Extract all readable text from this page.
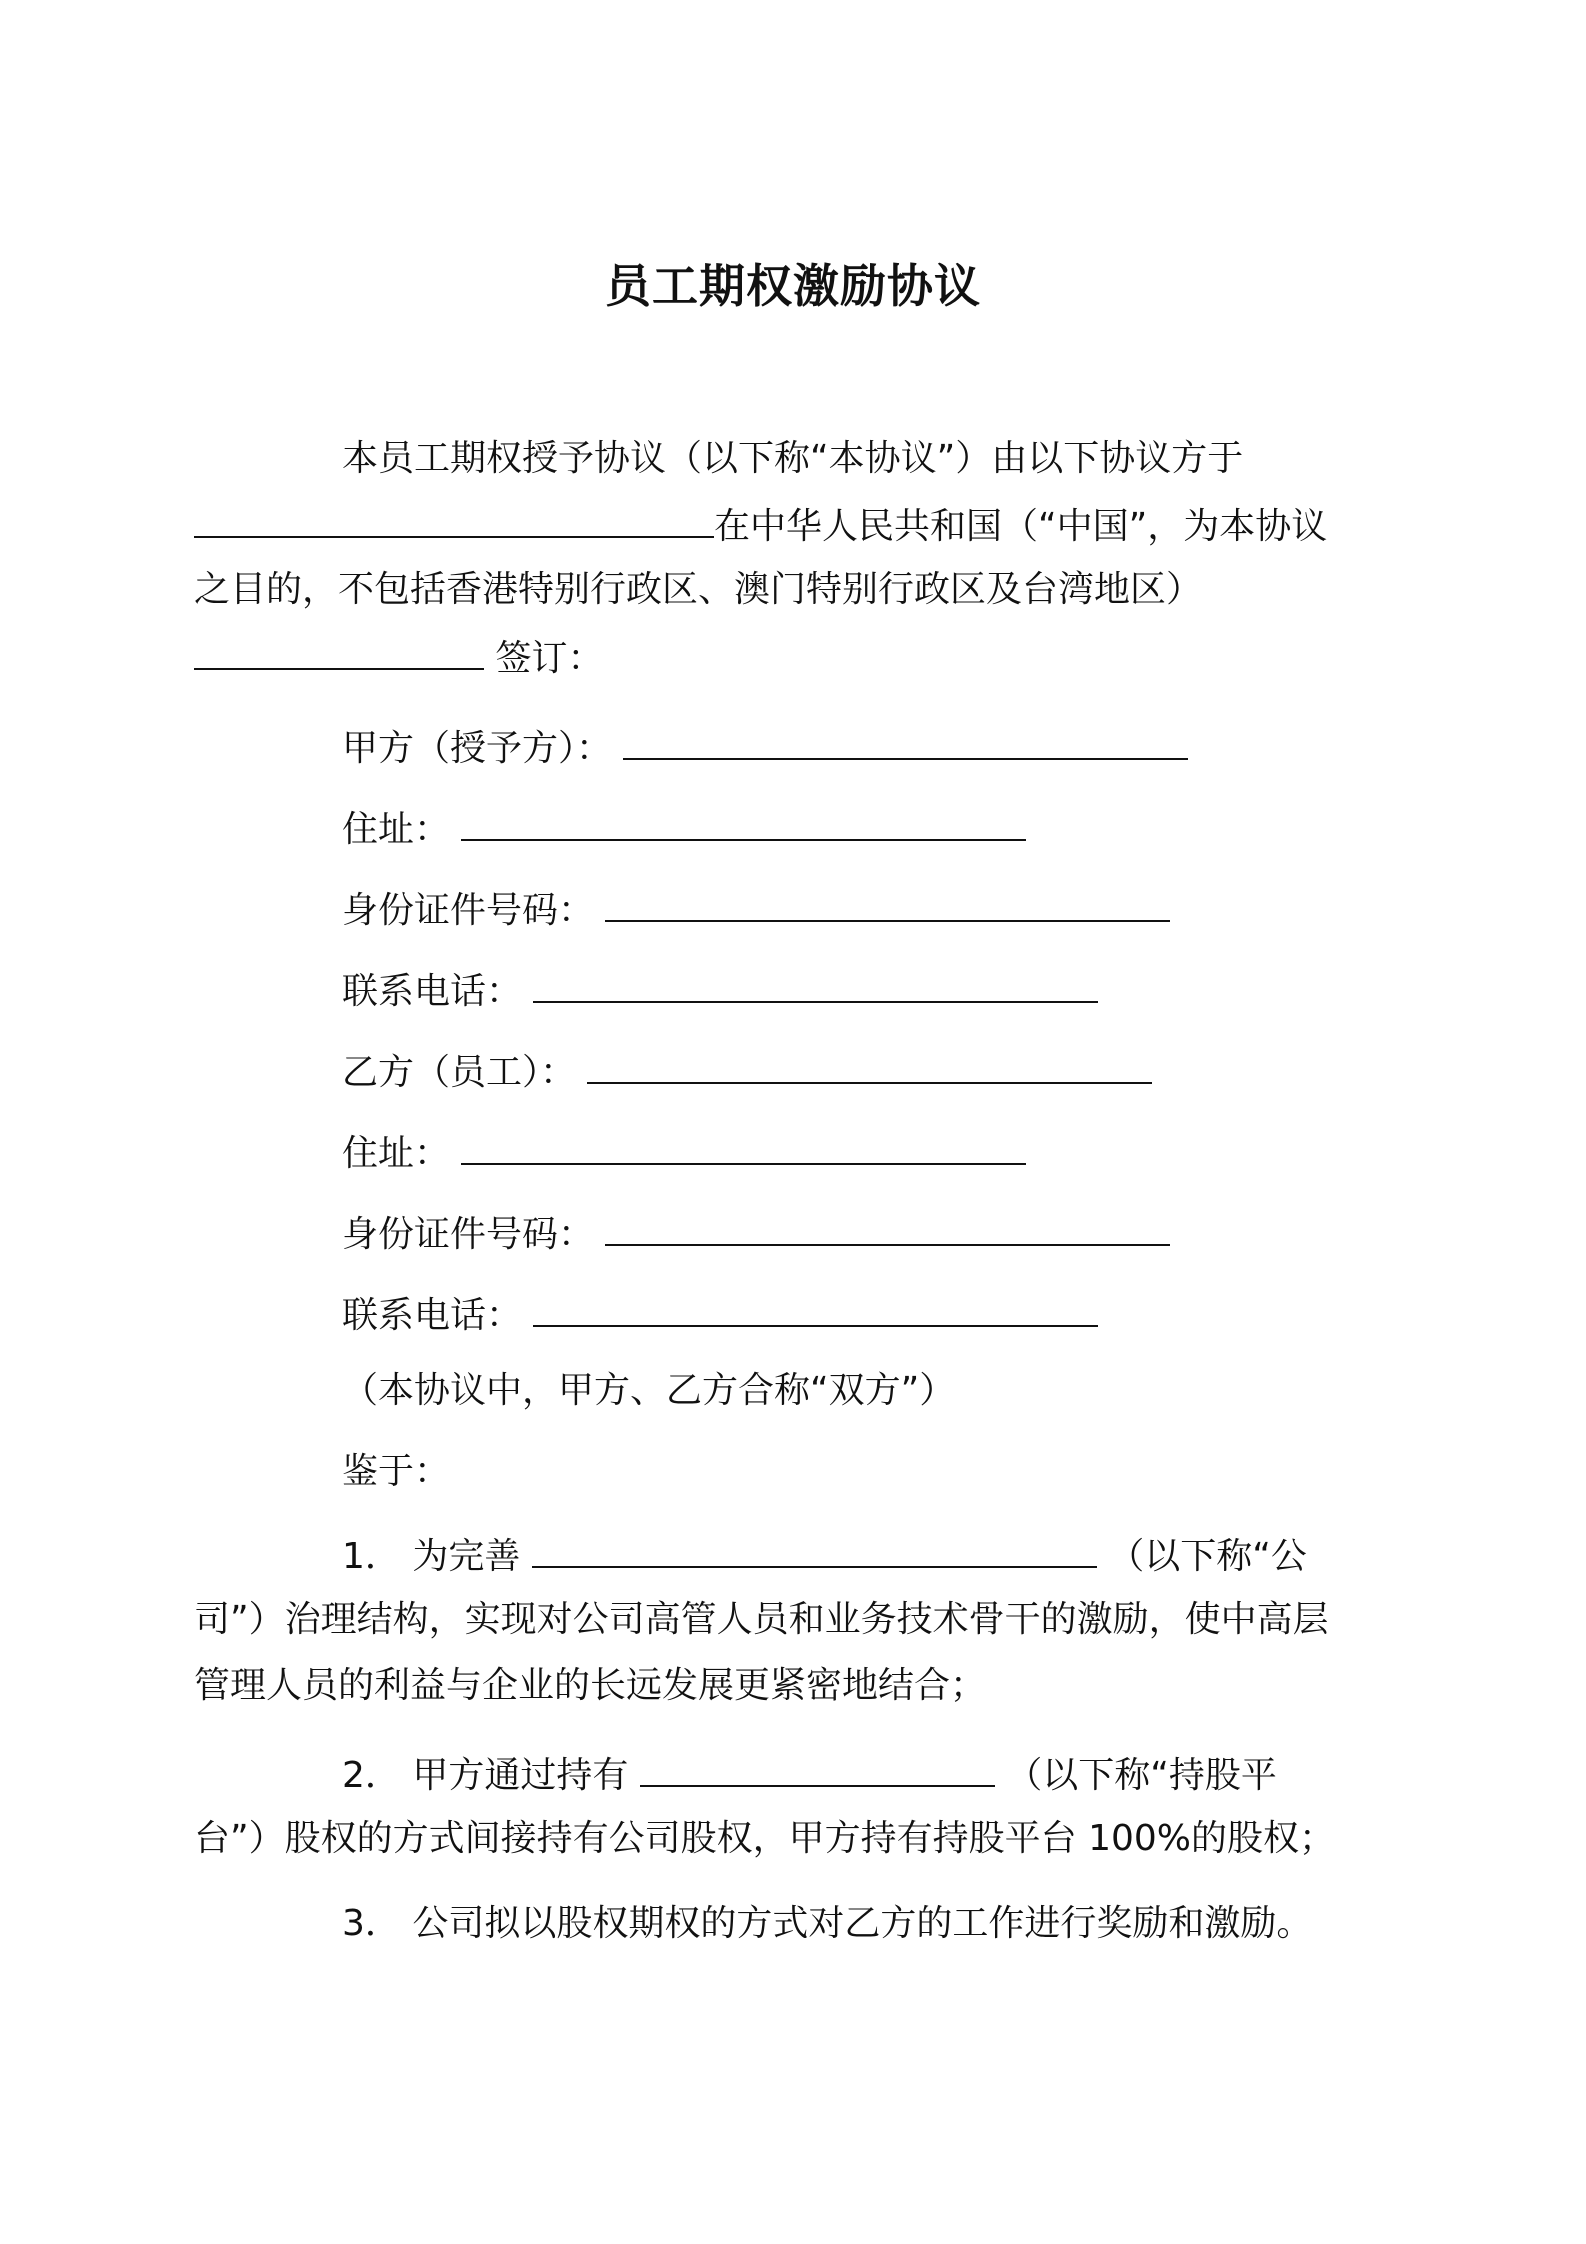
员工期权激励协议
本员工期权授予协议（以下称“本协议”）由以下协议方于
在中华人民共和国（“中国”，为本协议
之目的，不包括香港特别行政区、澳门特别行政区及台湾地区）
签订：
甲方（授予方）：
住址：
身份证件号码：
联系电话：
乙方（员工）：
住址：
身份证件号码：
联系电话：
（本协议中，甲方、乙方合称“双方”）
鉴于：
1． 为完善	（以下称“公
司”）治理结构，实现对公司高管人员和业务技术骨干的激励，使中高层
管理人员的利益与企业的长远发展更紧密地结合；
2． 甲方通过持有	（以下称“持股平
台”）股权的方式间接持有公司股权，甲方持有持股平台 100%的股权；
3． 公司拟以股权期权的方式对乙方的工作进行奖励和激励。
